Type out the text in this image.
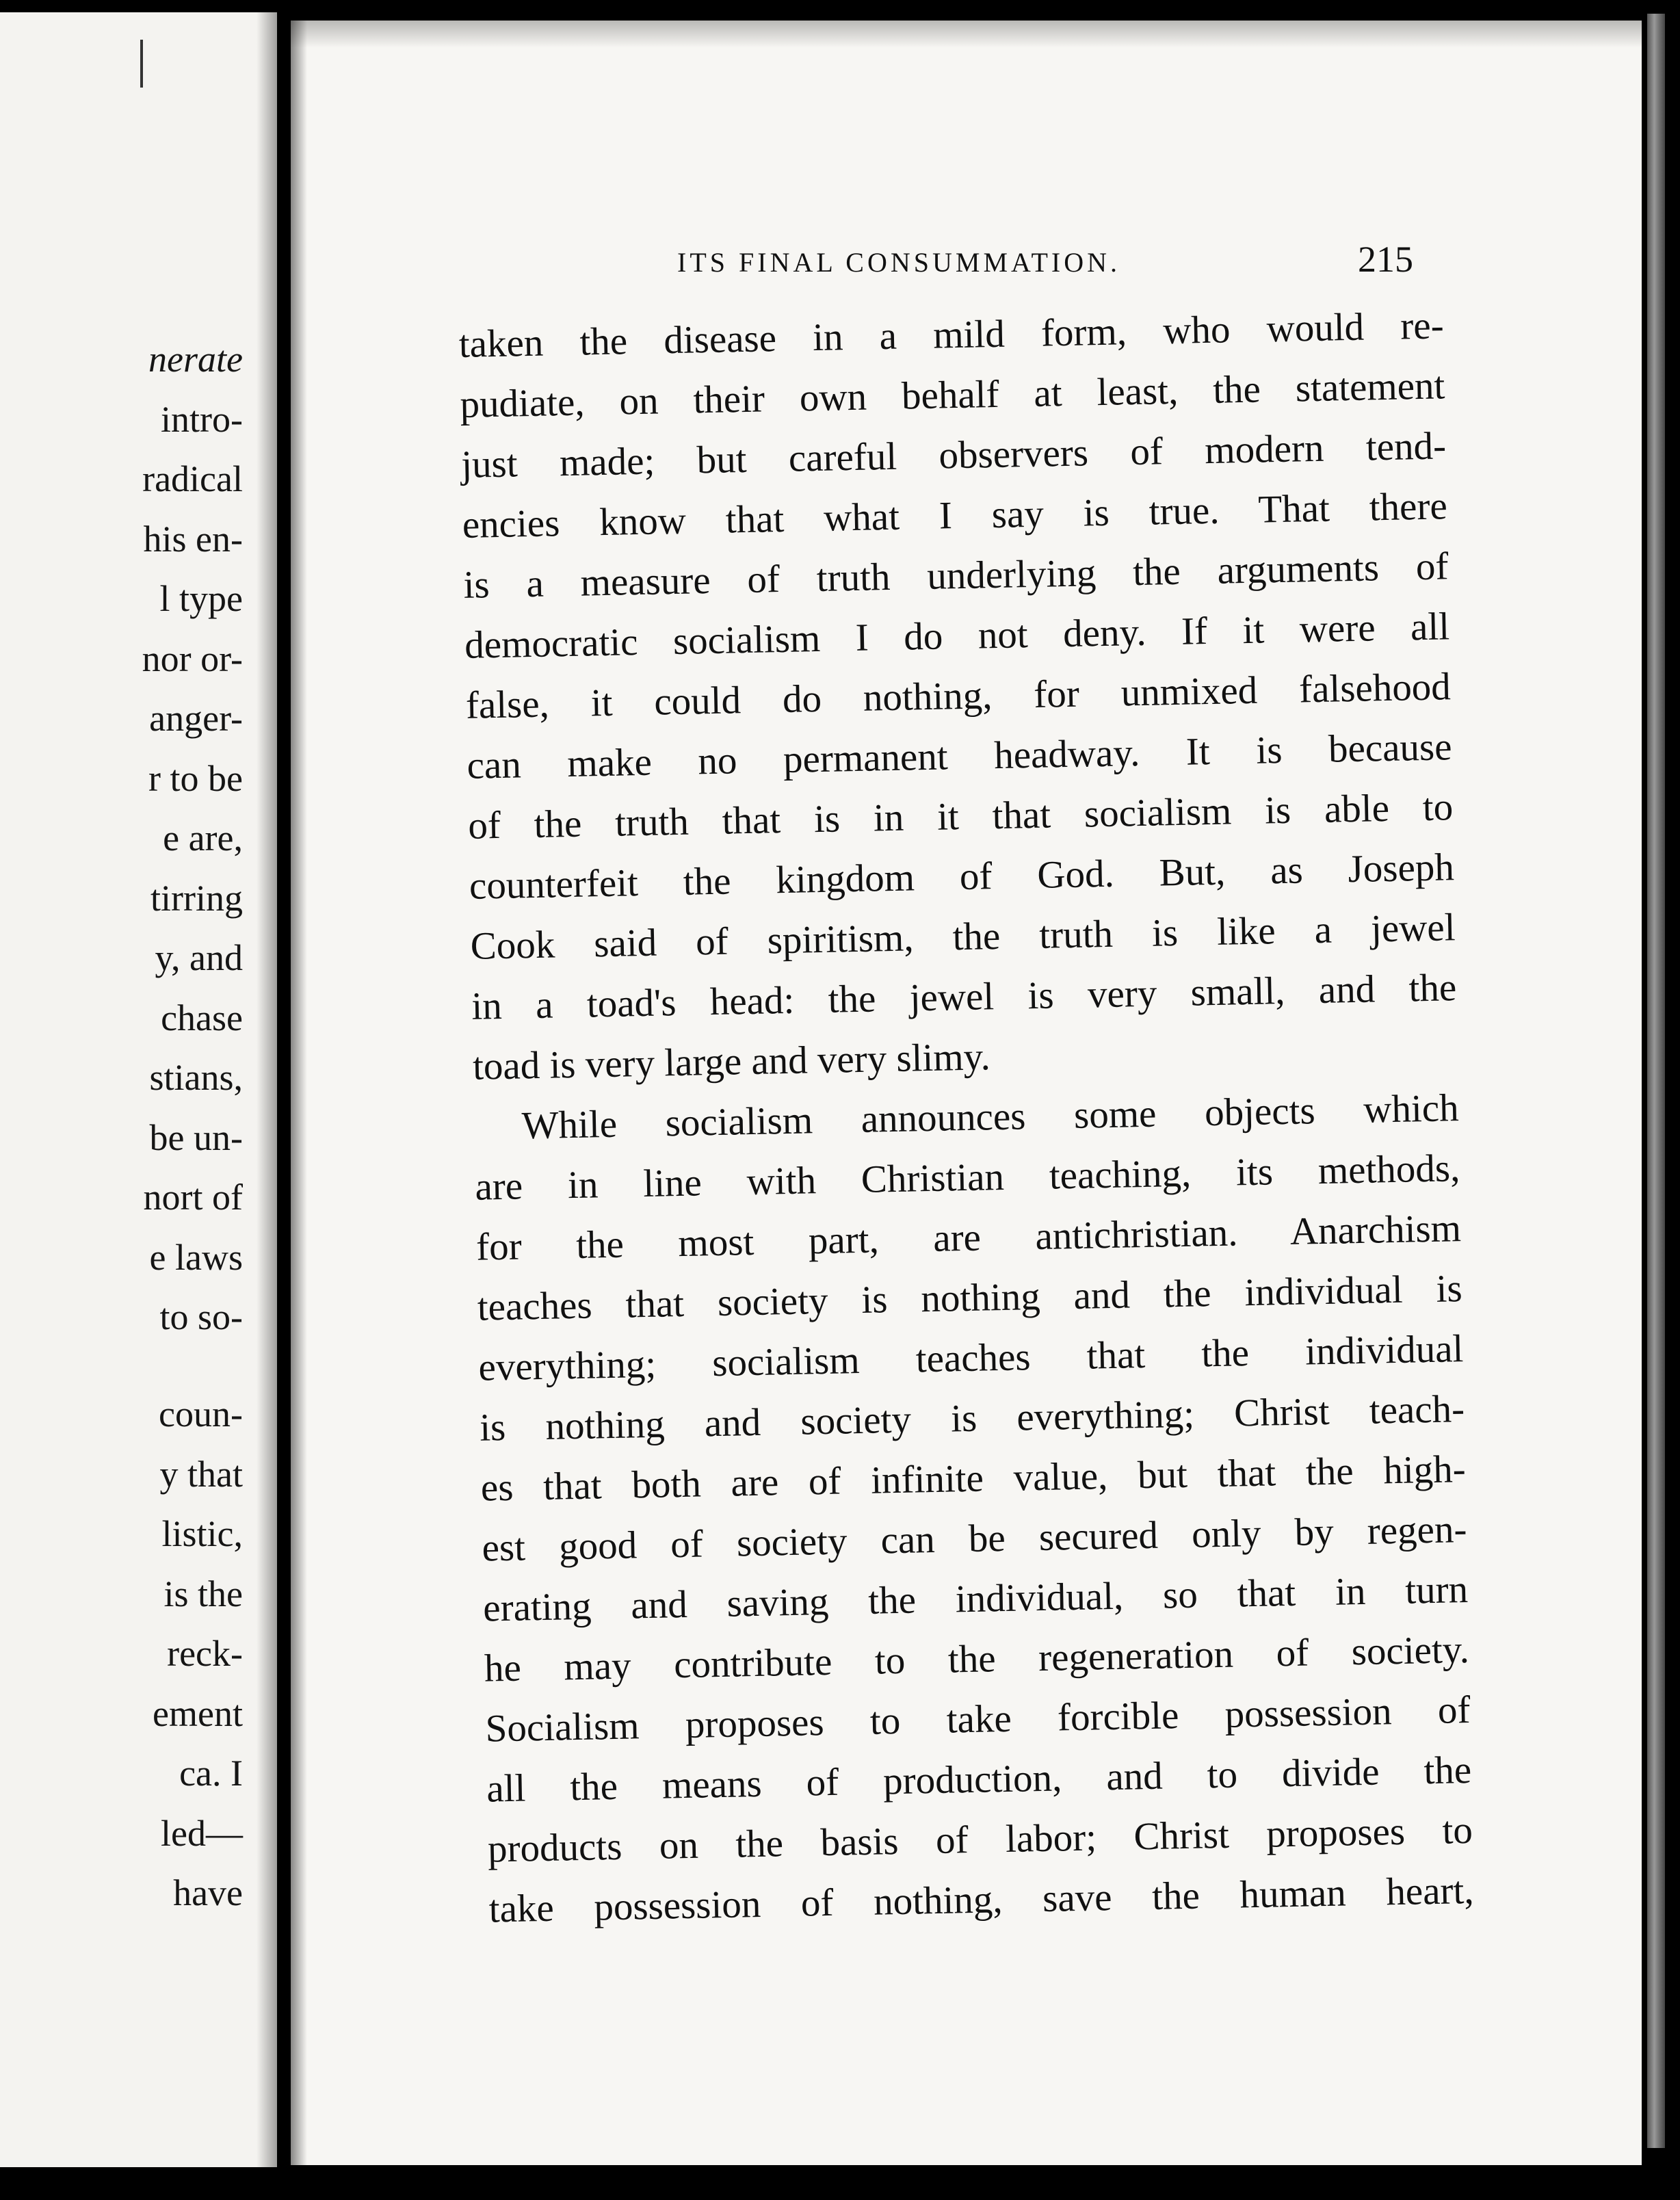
nerate
intro-
radical
his en-
l type
nor or-
anger-
r to be
e are,
tirring
y, and
chase
stians,
be un-
nort of
e laws
to so-
coun-
y that
listic,
is the
reck-
ement
ca. I
led—
have
ITS FINAL CONSUMMATION.	215
taken the disease in a mild form, who would re-
pudiate, on their own behalf at least, the statement
just made; but careful observers of modern tend-
encies know that what I say is true. That there
is a measure of truth underlying the arguments of
democratic socialism I do not deny. If it were all
false, it could do nothing, for unmixed falsehood
can make no permanent headway. It is because
of the truth that is in it that socialism is able to
counterfeit the kingdom of God. But, as Joseph
Cook said of spiritism, the truth is like a jewel
in a toad's head: the jewel is very small, and the
toad is very large and very slimy.
While socialism announces some objects which
are in line with Christian teaching, its methods,
for the most part, are antichristian. Anarchism
teaches that society is nothing and the individual is
everything; socialism teaches that the individual
is nothing and society is everything; Christ teach-
es that both are of infinite value, but that the high-
est good of society can be secured only by regen-
erating and saving the individual, so that in turn
he may contribute to the regeneration of society.
Socialism proposes to take forcible possession of
all the means of production, and to divide the
products on the basis of labor; Christ proposes to
take possession of nothing, save the human heart,
